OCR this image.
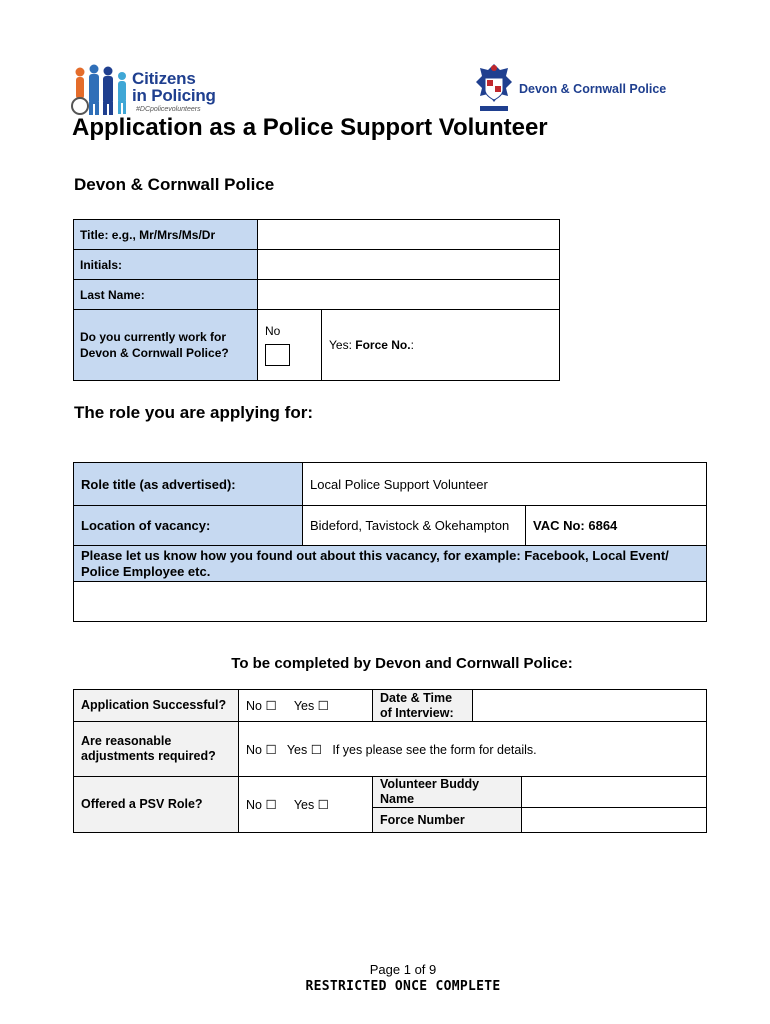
Citizens
in Policing
#DCpolicevolunteers
Devon & Cornwall Police
Application as a Police Support Volunteer
Devon & Cornwall Police
Title: e.g., Mr/Mrs/Ms/Dr		
Initials:		
Last Name:		
Do you currently work for Devon & Cornwall Police?	No	Yes: Force No.:
The role you are applying for:
Role title (as advertised):	Local Police Support Volunteer	
Location of vacancy:	Bideford, Tavistock & Okehampton	VAC No: 6864
Please let us know how you found out about this vacancy, for example: Facebook, Local Event/ Police Employee etc.		

To be completed by Devon and Cornwall Police:
Application Successful?	No ☐ Yes ☐	Date & Time of Interview:		
Are reasonable adjustments required?	No ☐   Yes ☐   If yes please see the form for details.			
Offered a PSV Role?	No ☐ Yes ☐	Volunteer Buddy Name		
		Force Number		
Page 1 of 9
RESTRICTED ONCE COMPLETE
